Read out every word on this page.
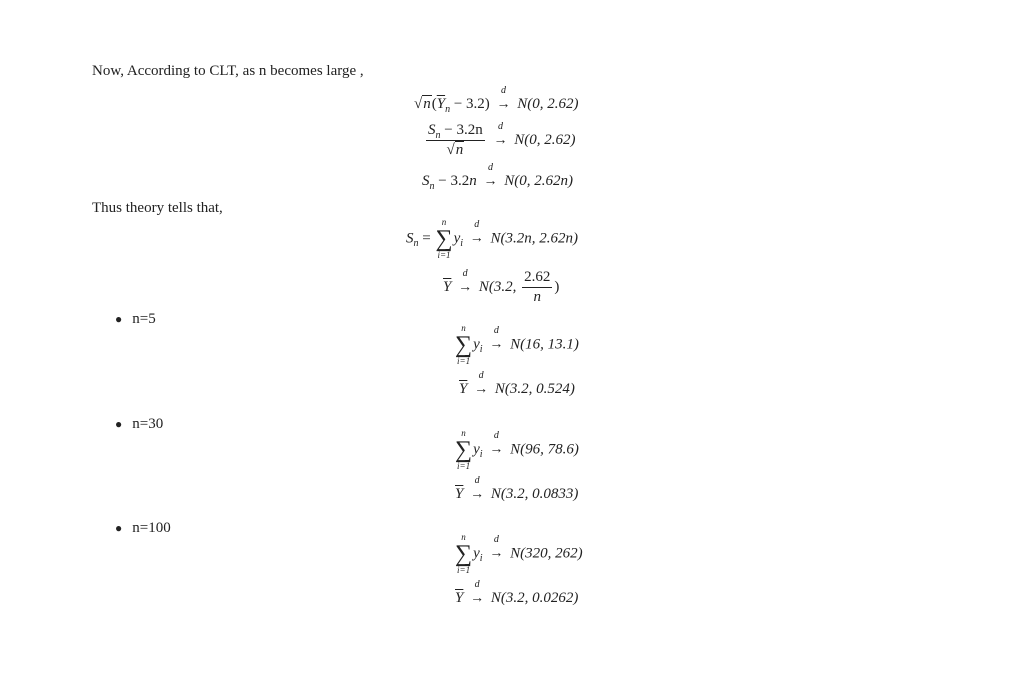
Now, According to CLT, as n becomes large ,
$√n(\overline{Y}_n - 3.2)$
d
→ N(0, 2.62)
$\frac{S_n - 3.2n}{√n}$
	d
→ N(0, 2.62)
$S_n - 3.2n$
d
→ N(0, 2.62n)
Thus theory tells that,
$S_n$ =
n
∑
i=1
$y_i$
d
→ N(3.2n, 2.62n)
$\overline{Y}$
d
→ N(3.2, $\frac{2.62}{n}$ )
● n=5
n
∑
i=1
$y_i$
d
→ N(16, 13.1)
$\overline{Y}$
d
→ N(3.2, 0.524)
● n=30
n
∑
i=1
$y_i$
d
→ N(96, 78.6)
$\overline{Y}$
d
→ N(3.2, 0.0833)
● n=100
n
∑
i=1
$y_i$
d
→ N(320, 262)
$\overline{Y}$
d
→ N(3.2, 0.0262)
